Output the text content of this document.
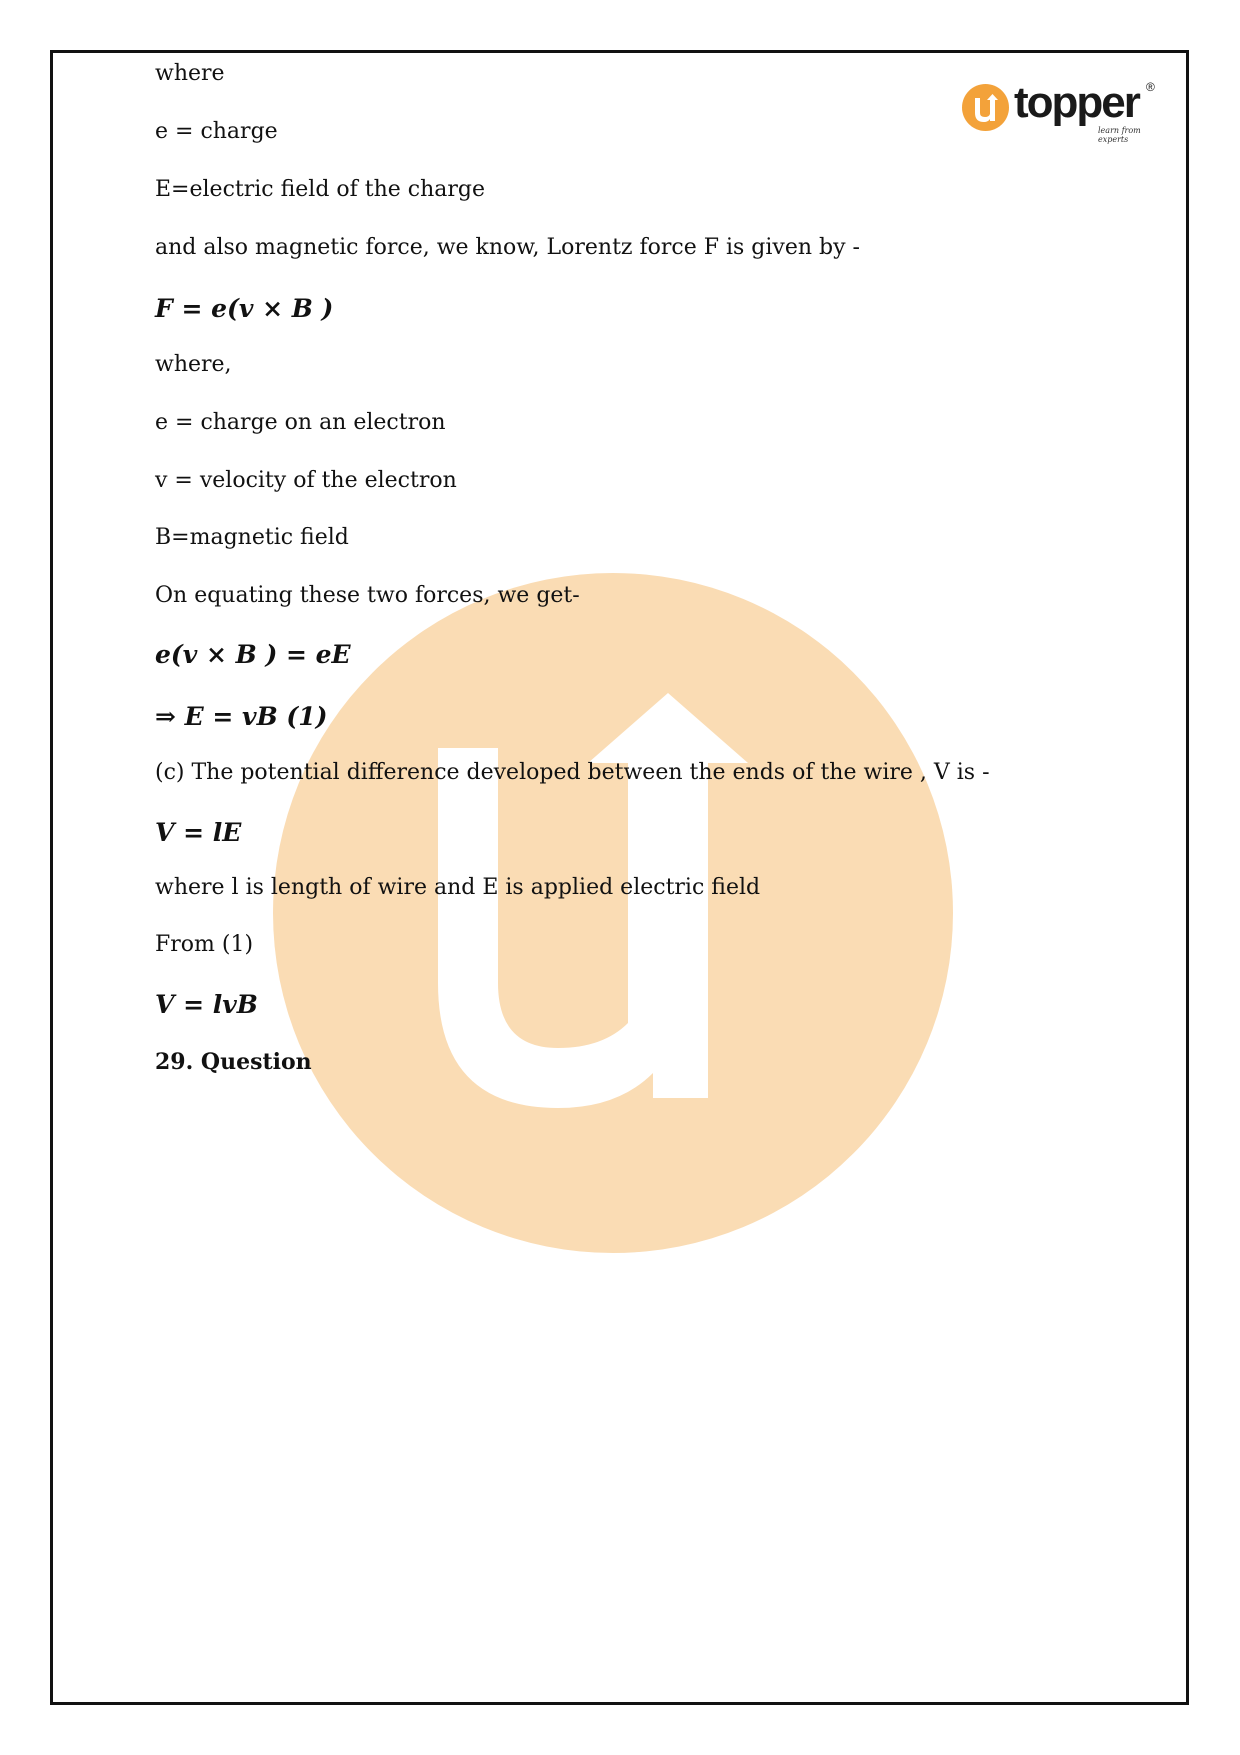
topper ®
learn from experts
where
e = charge
E=electric field of the charge
and also magnetic force, we know, Lorentz force F is given by -
F = e(v × B )
where,
e = charge on an electron
v = velocity of the electron
B=magnetic field
On equating these two forces, we get-
e(v × B ) = eE
⇒ E = vB (1)
(c) The potential difference developed between the ends of the wire , V is -
V = lE
where l is length of wire and E is applied electric field
From (1)
V = lvB
29. Question
